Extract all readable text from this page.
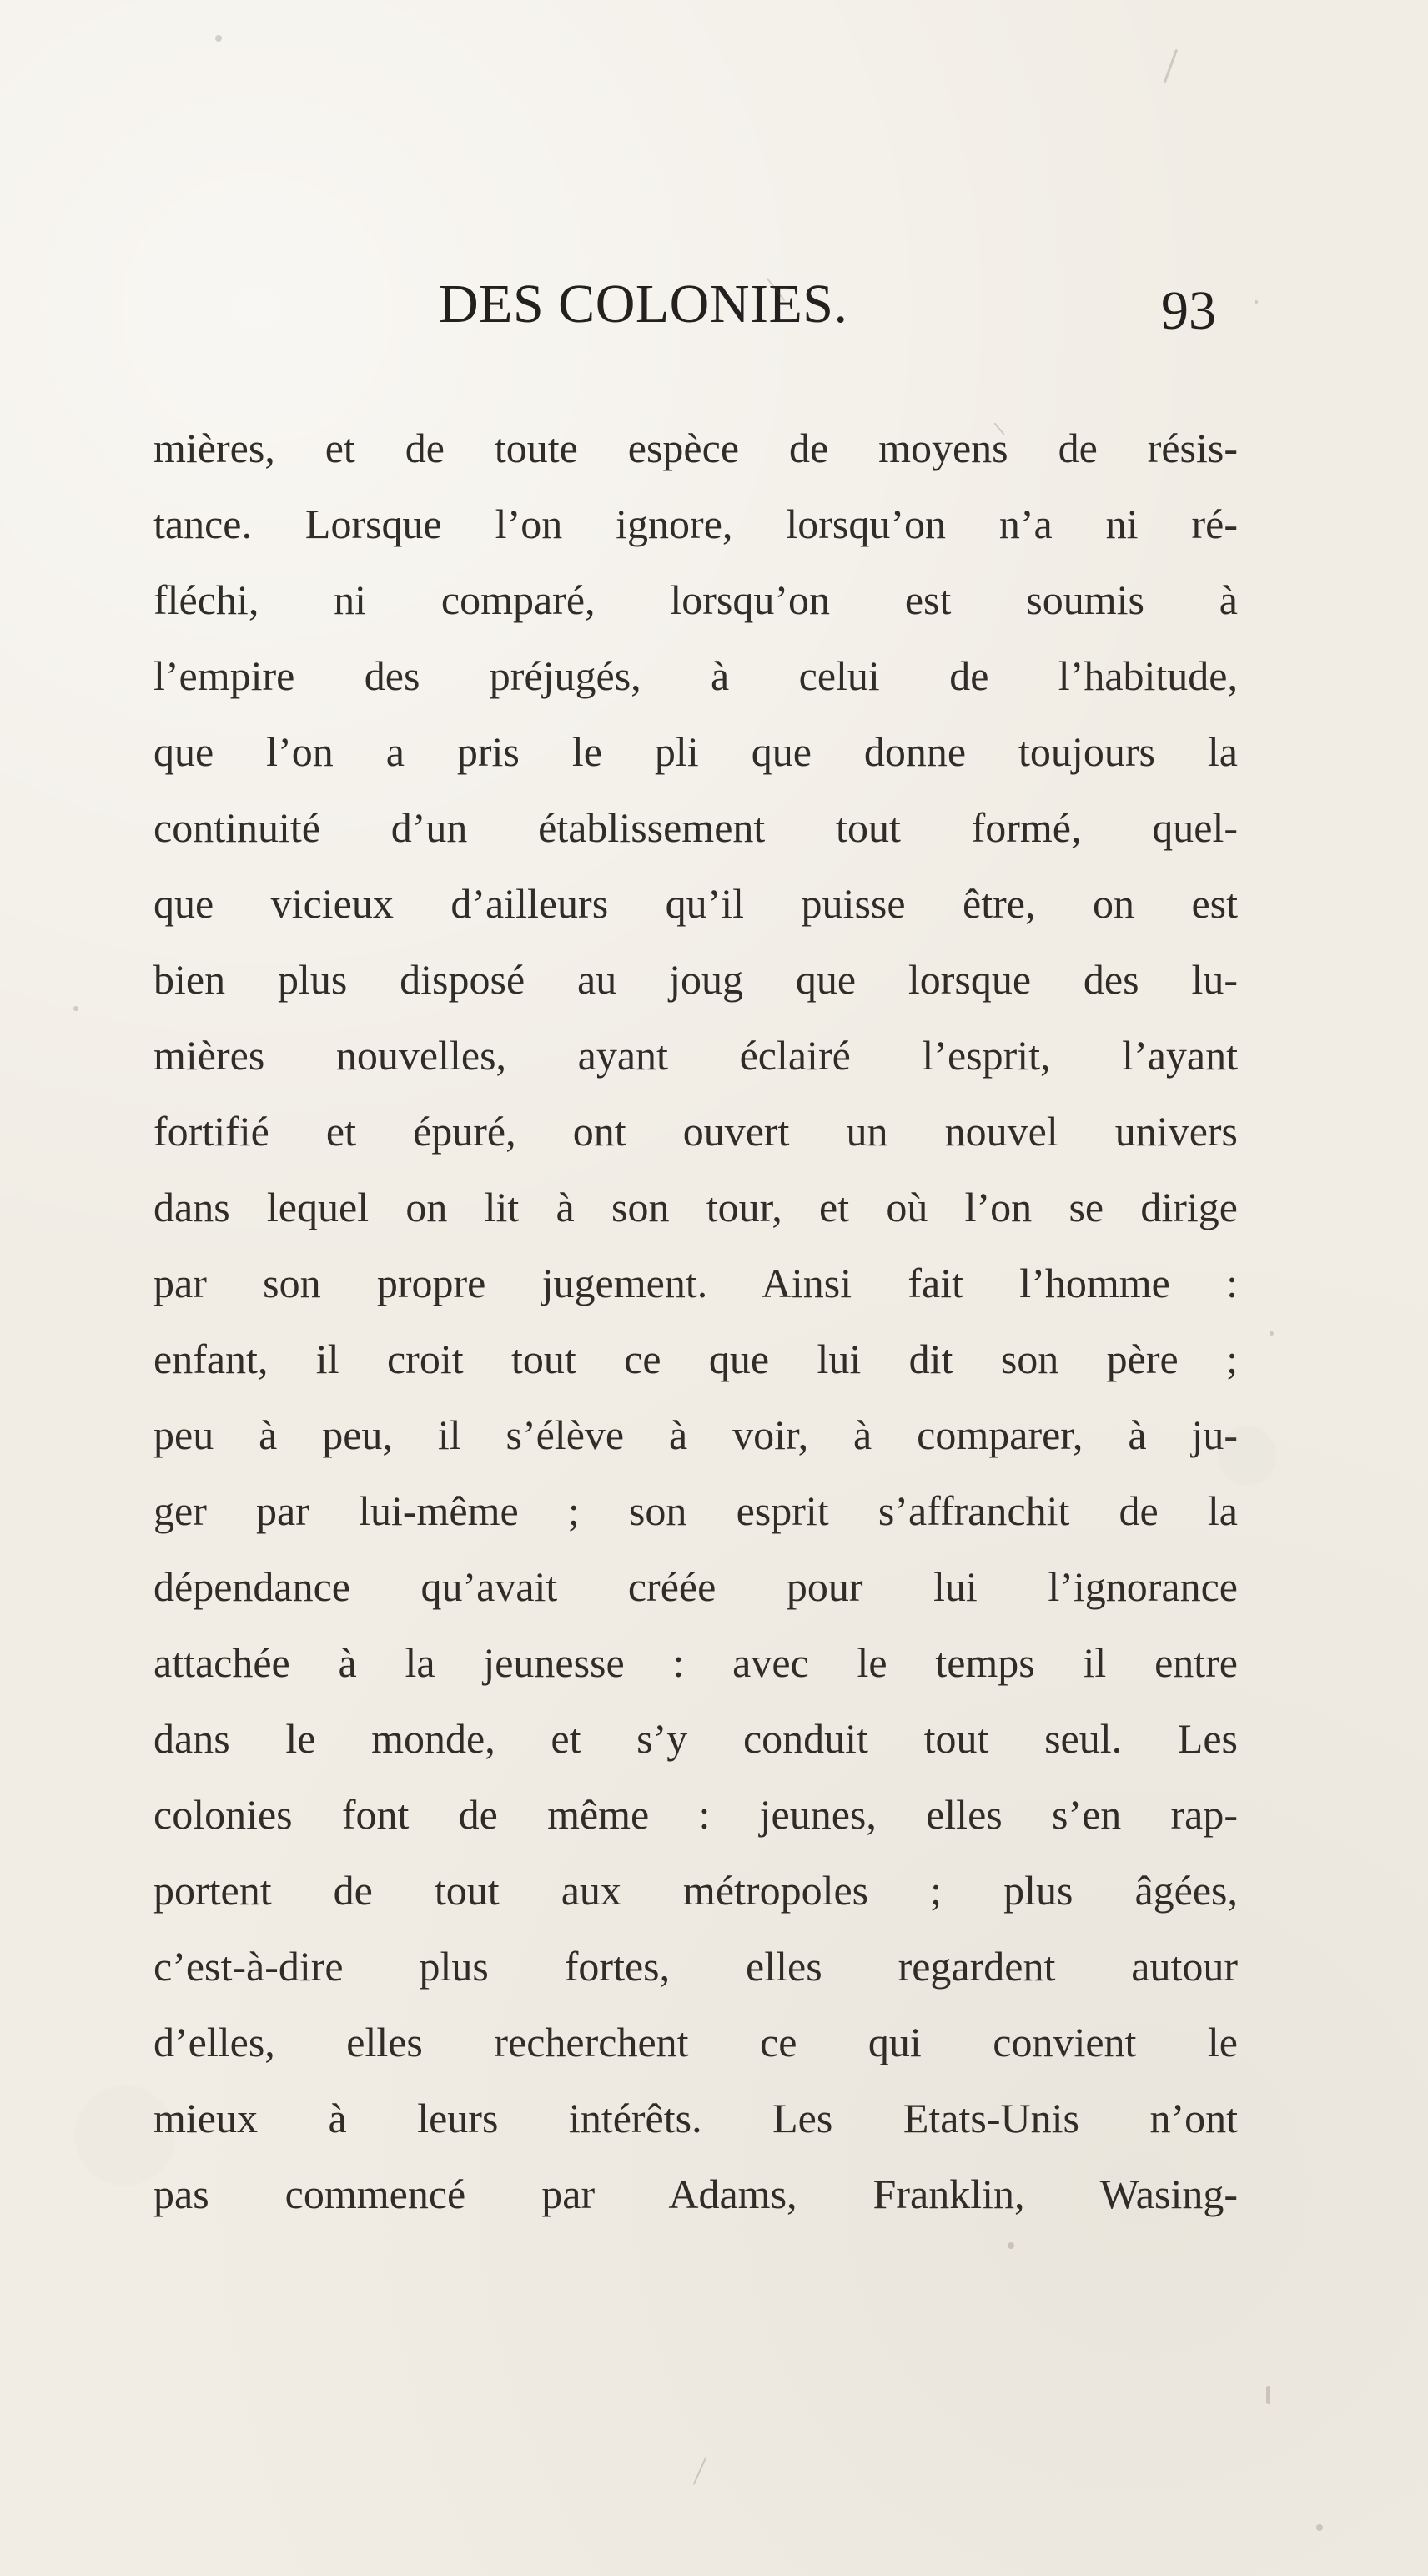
DES COLONIES.	93
mières, et de toute espèce de moyens de résis-
tance. Lorsque l’on ignore, lorsqu’on n’a ni ré-
fléchi, ni comparé, lorsqu’on est soumis à
l’empire des préjugés, à celui de l’habitude,
que l’on a pris le pli que donne toujours la
continuité d’un établissement tout formé, quel-
que vicieux d’ailleurs qu’il puisse être, on est
bien plus disposé au joug que lorsque des lu-
mières nouvelles, ayant éclairé l’esprit, l’ayant
fortifié et épuré, ont ouvert un nouvel univers
dans lequel on lit à son tour, et où l’on se dirige
par son propre jugement. Ainsi fait l’homme :
enfant, il croit tout ce que lui dit son père ;
peu à peu, il s’élève à voir, à comparer, à ju-
ger par lui-même ; son esprit s’affranchit de la
dépendance qu’avait créée pour lui l’ignorance
attachée à la jeunesse : avec le temps il entre
dans le monde, et s’y conduit tout seul. Les
colonies font de même : jeunes, elles s’en rap-
portent de tout aux métropoles ; plus âgées,
c’est-à-dire plus fortes, elles regardent autour
d’elles, elles recherchent ce qui convient le
mieux à leurs intérêts. Les Etats-Unis n’ont
pas commencé par Adams, Franklin, Wasing-
